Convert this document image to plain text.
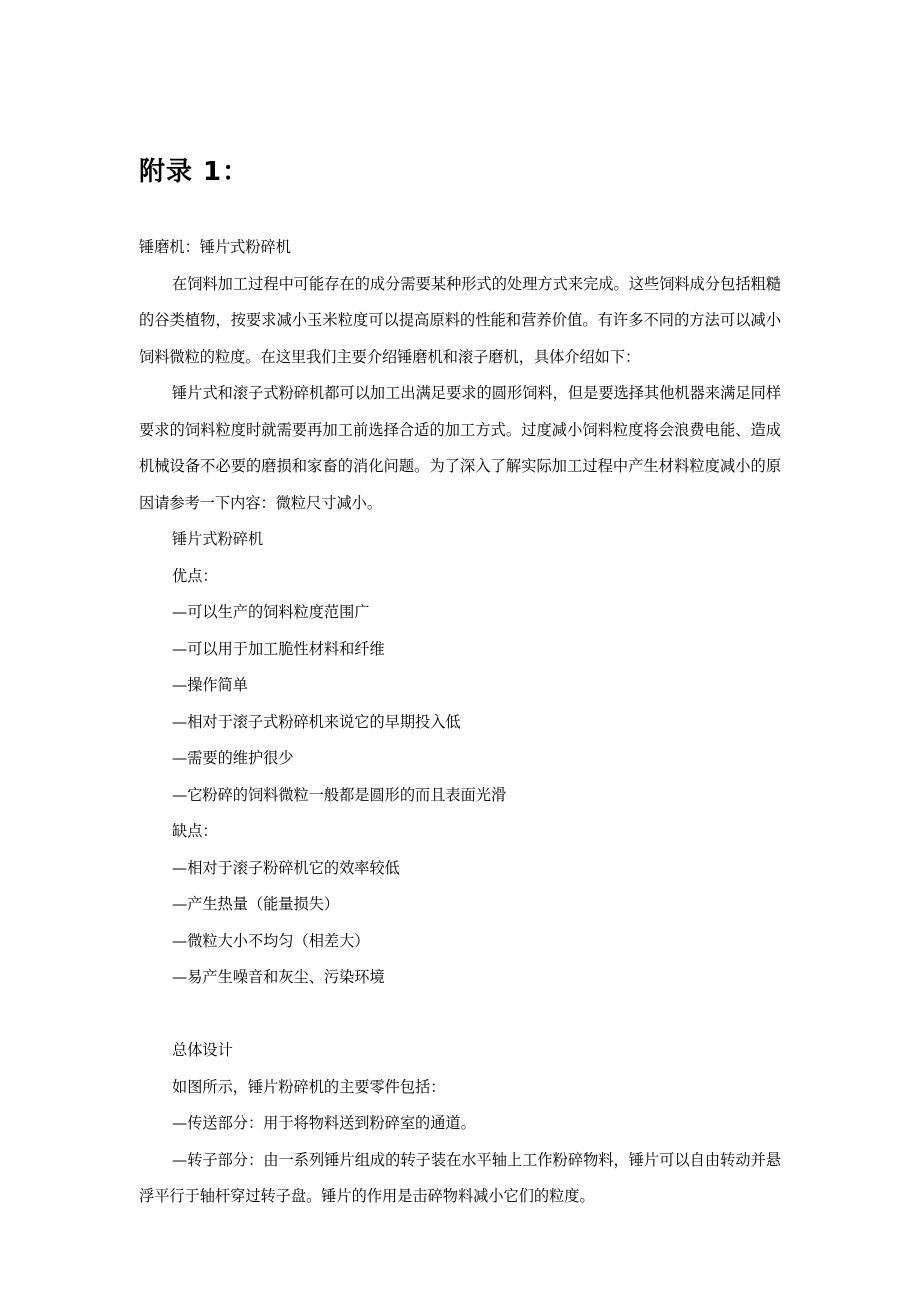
附录 1：

锤磨机：锤片式粉碎机

在饲料加工过程中可能存在的成分需要某种形式的处理方式来完成。这些饲料成分包括粗糙的谷类植物，按要求减小玉米粒度可以提高原料的性能和营养价值。有许多不同的方法可以减小饲料微粒的粒度。在这里我们主要介绍锤磨机和滚子磨机，具体介绍如下：

锤片式和滚子式粉碎机都可以加工出满足要求的圆形饲料，但是要选择其他机器来满足同样要求的饲料粒度时就需要再加工前选择合适的加工方式。过度减小饲料粒度将会浪费电能、造成机械设备不必要的磨损和家畜的消化问题。为了深入了解实际加工过程中产生材料粒度减小的原因请参考一下内容：微粒尺寸减小。

锤片式粉碎机

优点：

—可以生产的饲料粒度范围广

—可以用于加工脆性材料和纤维

—操作简单

—相对于滚子式粉碎机来说它的早期投入低

—需要的维护很少

—它粉碎的饲料微粒一般都是圆形的而且表面光滑

缺点：

—相对于滚子粉碎机它的效率较低

—产生热量（能量损失）

—微粒大小不均匀（相差大）

—易产生噪音和灰尘、污染环境

总体设计

如图所示，锤片粉碎机的主要零件包括：

—传送部分：用于将物料送到粉碎室的通道。

—转子部分：由一系列锤片组成的转子装在水平轴上工作粉碎物料，锤片可以自由转动并悬浮平行于轴杆穿过转子盘。锤片的作用是击碎物料减小它们的粒度。
